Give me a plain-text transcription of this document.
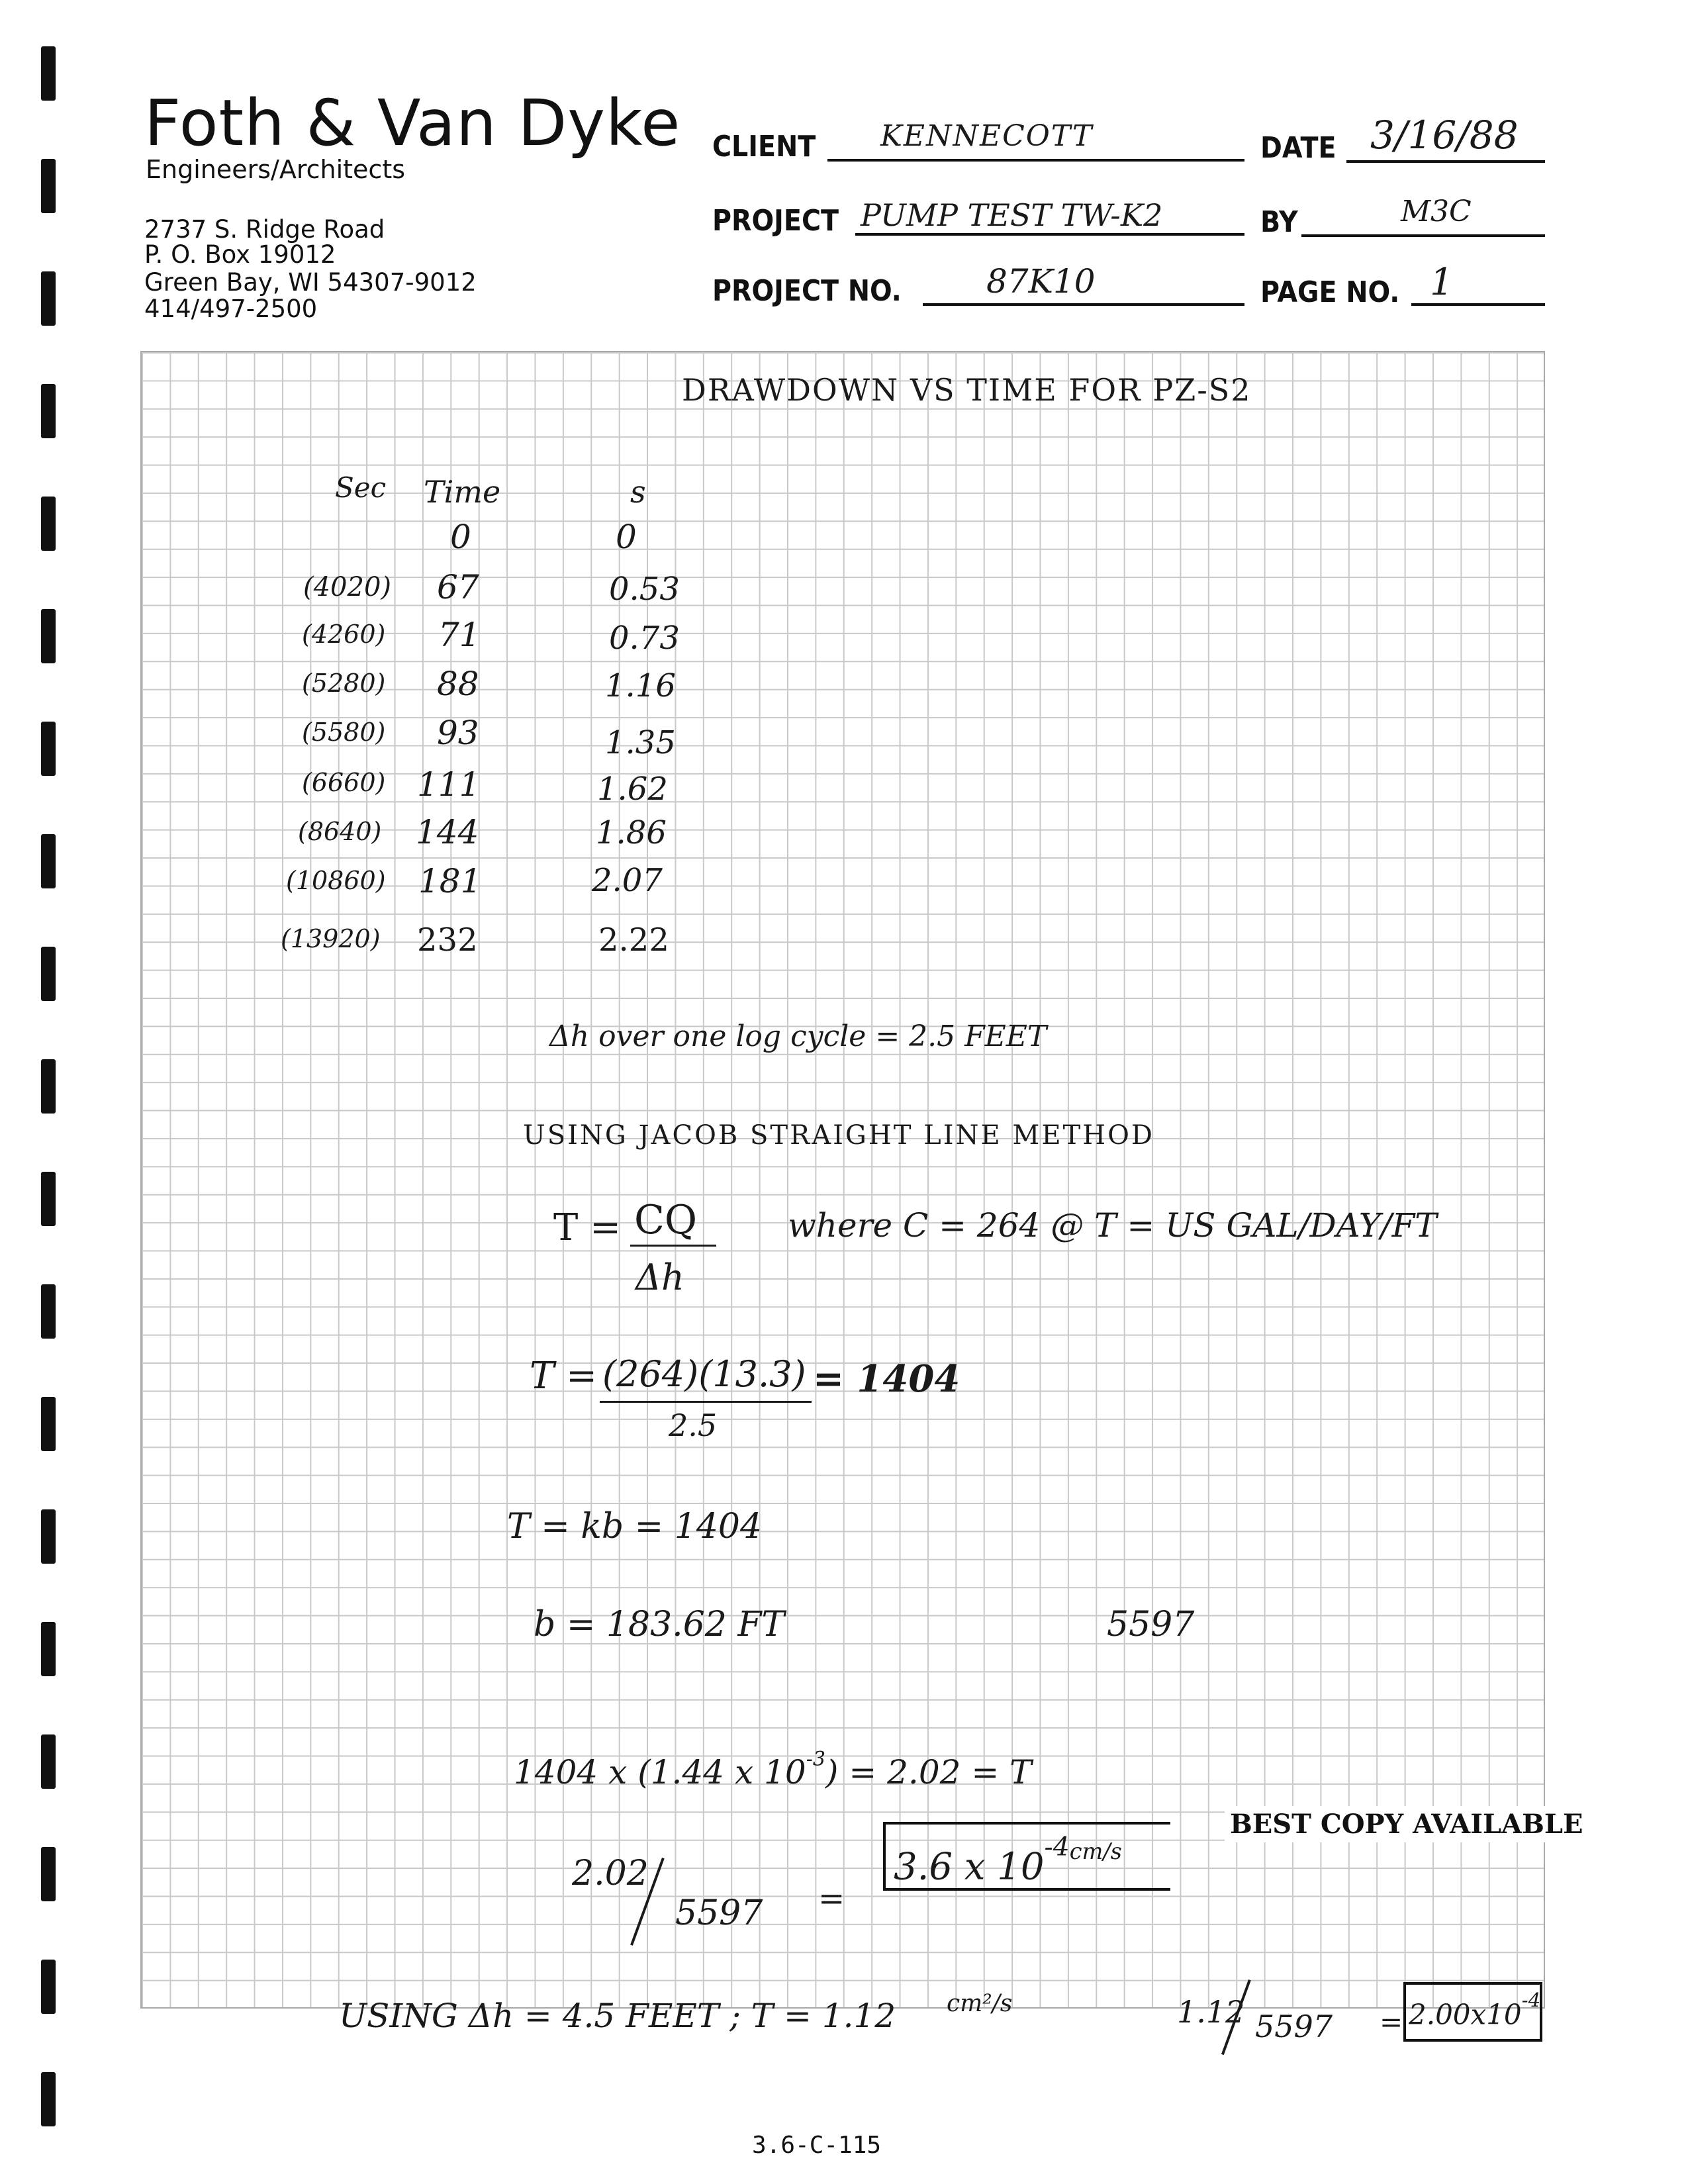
Foth & Van Dyke
Engineers/Architects
2737 S. Ridge Road
P. O. Box 19012
Green Bay, WI 54307-9012
414/497-2500
CLIENT KENNECOTT	DATE 3/16/88
PROJECT PUMP TEST TW-K2	BY	M3C
PROJECT NO.	87K10	PAGE NO. 1
DRAWDOWN VS TIME FOR PZ-S2
Sec Time	s
0	0
(4020) 67	0.53
(4260) 71	0.73
(5280) 88	1.16
(5580) 93	1.35
(6660) 111	1.62
(8640) 144	1.86
(10860) 181	2.07
(13920) 232	2.22
Δh over one log cycle = 2.5 FEET
USING JACOB STRAIGHT LINE METHOD
T = CQ
Δh
where C = 264 @ T = US GAL/DAY/FT
T = (264)(13.3)
2.5
= 1404
T = kb = 1404
b = 183.62 FT	5597
1404 x (1.44 x $10^{-3}) = 2.02 = T$
2.02
5597 =
3.6 x $10^{-4cm/s}$
BEST COPY AVAILABLE
USING Δh = 4.5 FEET ; T = 1.12 cm²/s	1.12 $5597 = 2.00x10^{-4}$
3.6-C-115
